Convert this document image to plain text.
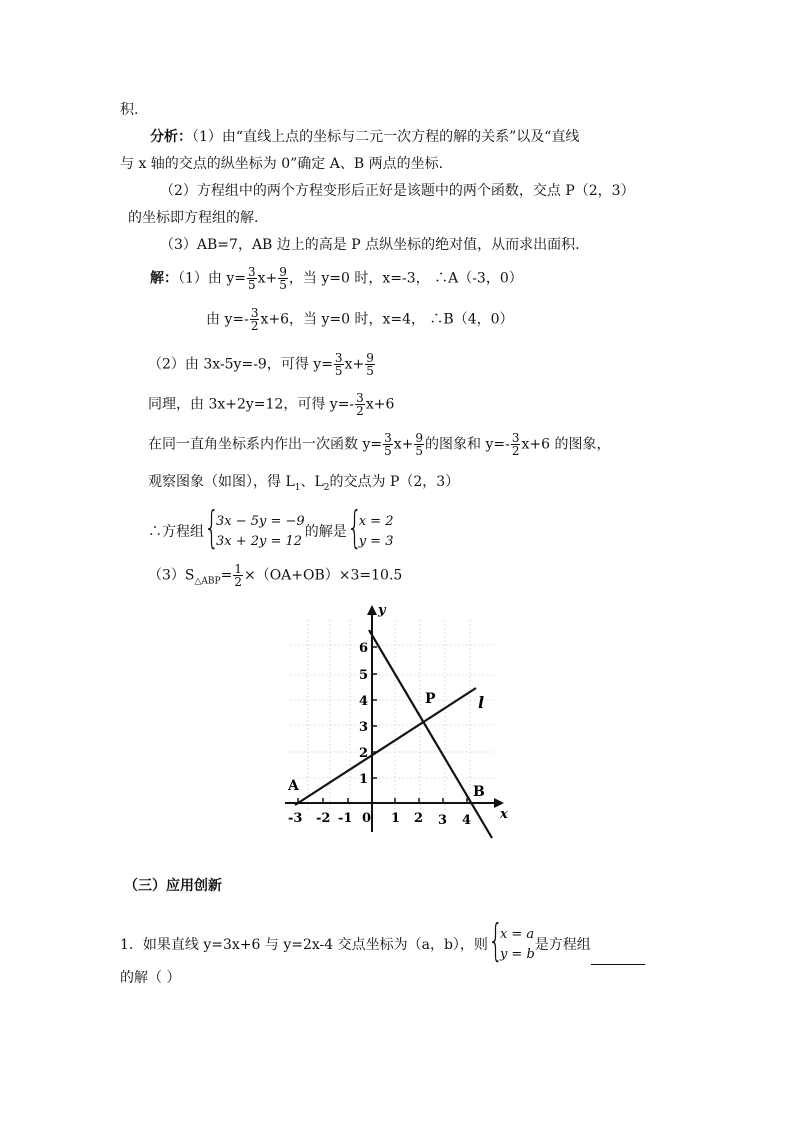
积.
分析：（1）由“直线上点的坐标与二元一次方程的解的关系”以及“直线
与 x 轴的交点的纵坐标为 0”确定 A、B 两点的坐标.
（2）方程组中的两个方程变形后正好是该题中的两个函数，交点 P（2，3）
的坐标即方程组的解.
（3）AB=7，AB 边上的高是 P 点纵坐标的绝对值，从而求出面积.
解：（1）由 $y= \frac{3}{5} x+ \frac{9}{5}$ ，当 y=0 时，x=-3， ∴A（-3，0）
由 $y=- \frac{3}{2} x+6$，当 y=0 时，x=4， ∴B（4，0）
（2）由 3x-5y=-9，可得 $y= \frac{3}{5} x+ \frac{9}{5}$
同理，由 3x+2y=12，可得 $y=- \frac{3}{2} x+6$
在同一直角坐标系内作出一次函数 $y= \frac{3}{5} x+ \frac{9}{5}$ 的图象和 $y=- \frac{3}{2} x+6$ 的图象，
观察图象（如图），得 $L_1$、$L_2$的交点为 P（2，3）
∴方程组 {
3x − 5y = −9
3x + 2y = 12
的解是 {
x = 2
y = 3
$(3)S_{\triangle ABP}= \frac{1}{2} \times(OA+OB)\times 3=10.5$
y
x
l
A	B
P
0
-3 -2 -1	1 2 3 4
1
2
3
4
5
6
（三）应用创新
1．如果直线 y=3x+6 与 y=2x-4 交点坐标为（a，b），则 {
x = a
y = b
是方程组
的解（ ）
